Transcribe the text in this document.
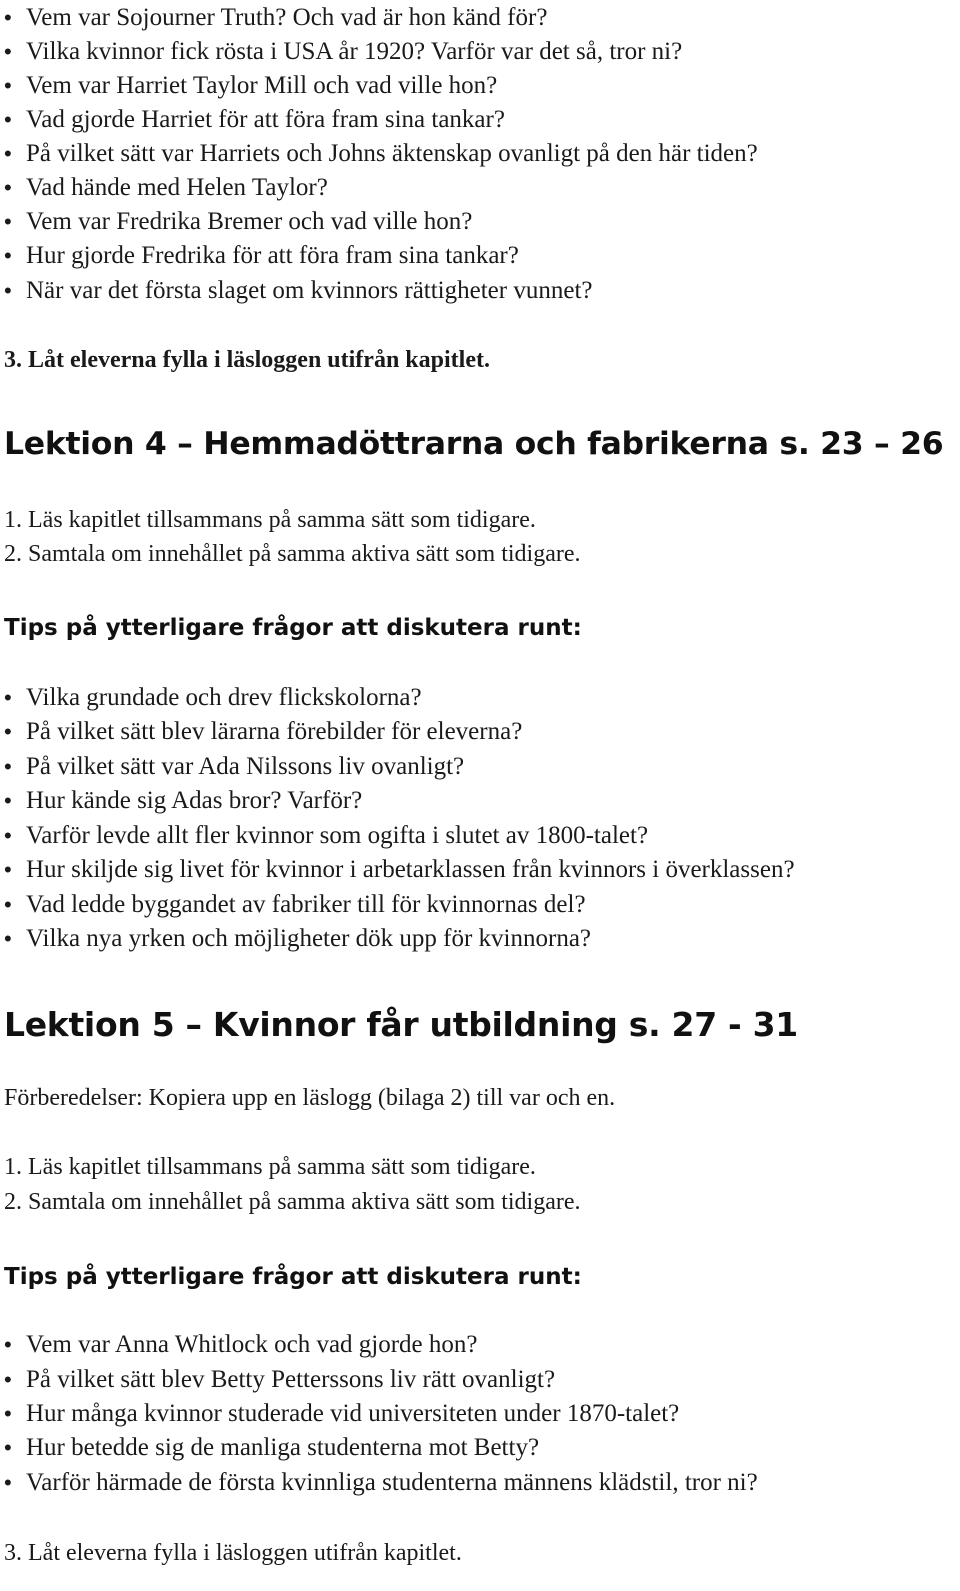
• Vem var Sojourner Truth? Och vad är hon känd för?
• Vilka kvinnor fick rösta i USA år 1920? Varför var det så, tror ni?
• Vem var Harriet Taylor Mill och vad ville hon?
• Vad gjorde Harriet för att föra fram sina tankar?
• På vilket sätt var Harriets och Johns äktenskap ovanligt på den här tiden?
• Vad hände med Helen Taylor?
• Vem var Fredrika Bremer och vad ville hon?
• Hur gjorde Fredrika för att föra fram sina tankar?
• När var det första slaget om kvinnors rättigheter vunnet?
3. Låt eleverna fylla i läsloggen utifrån kapitlet.
Lektion 4 – Hemmadöttrarna och fabrikerna s. 23 – 26
1. Läs kapitlet tillsammans på samma sätt som tidigare.
2. Samtala om innehållet på samma aktiva sätt som tidigare.
Tips på ytterligare frågor att diskutera runt:
• Vilka grundade och drev flickskolorna?
• På vilket sätt blev lärarna förebilder för eleverna?
• På vilket sätt var Ada Nilssons liv ovanligt?
• Hur kände sig Adas bror? Varför?
• Varför levde allt fler kvinnor som ogifta i slutet av 1800-talet?
• Hur skiljde sig livet för kvinnor i arbetarklassen från kvinnors i överklassen?
• Vad ledde byggandet av fabriker till för kvinnornas del?
• Vilka nya yrken och möjligheter dök upp för kvinnorna?
Lektion 5 – Kvinnor får utbildning s. 27 - 31
Förberedelser: Kopiera upp en läslogg (bilaga 2) till var och en.
1. Läs kapitlet tillsammans på samma sätt som tidigare.
2. Samtala om innehållet på samma aktiva sätt som tidigare.
Tips på ytterligare frågor att diskutera runt:
• Vem var Anna Whitlock och vad gjorde hon?
• På vilket sätt blev Betty Petterssons liv rätt ovanligt?
• Hur många kvinnor studerade vid universiteten under 1870-talet?
• Hur betedde sig de manliga studenterna mot Betty?
• Varför härmade de första kvinnliga studenterna männens klädstil, tror ni?
3. Låt eleverna fylla i läsloggen utifrån kapitlet.
